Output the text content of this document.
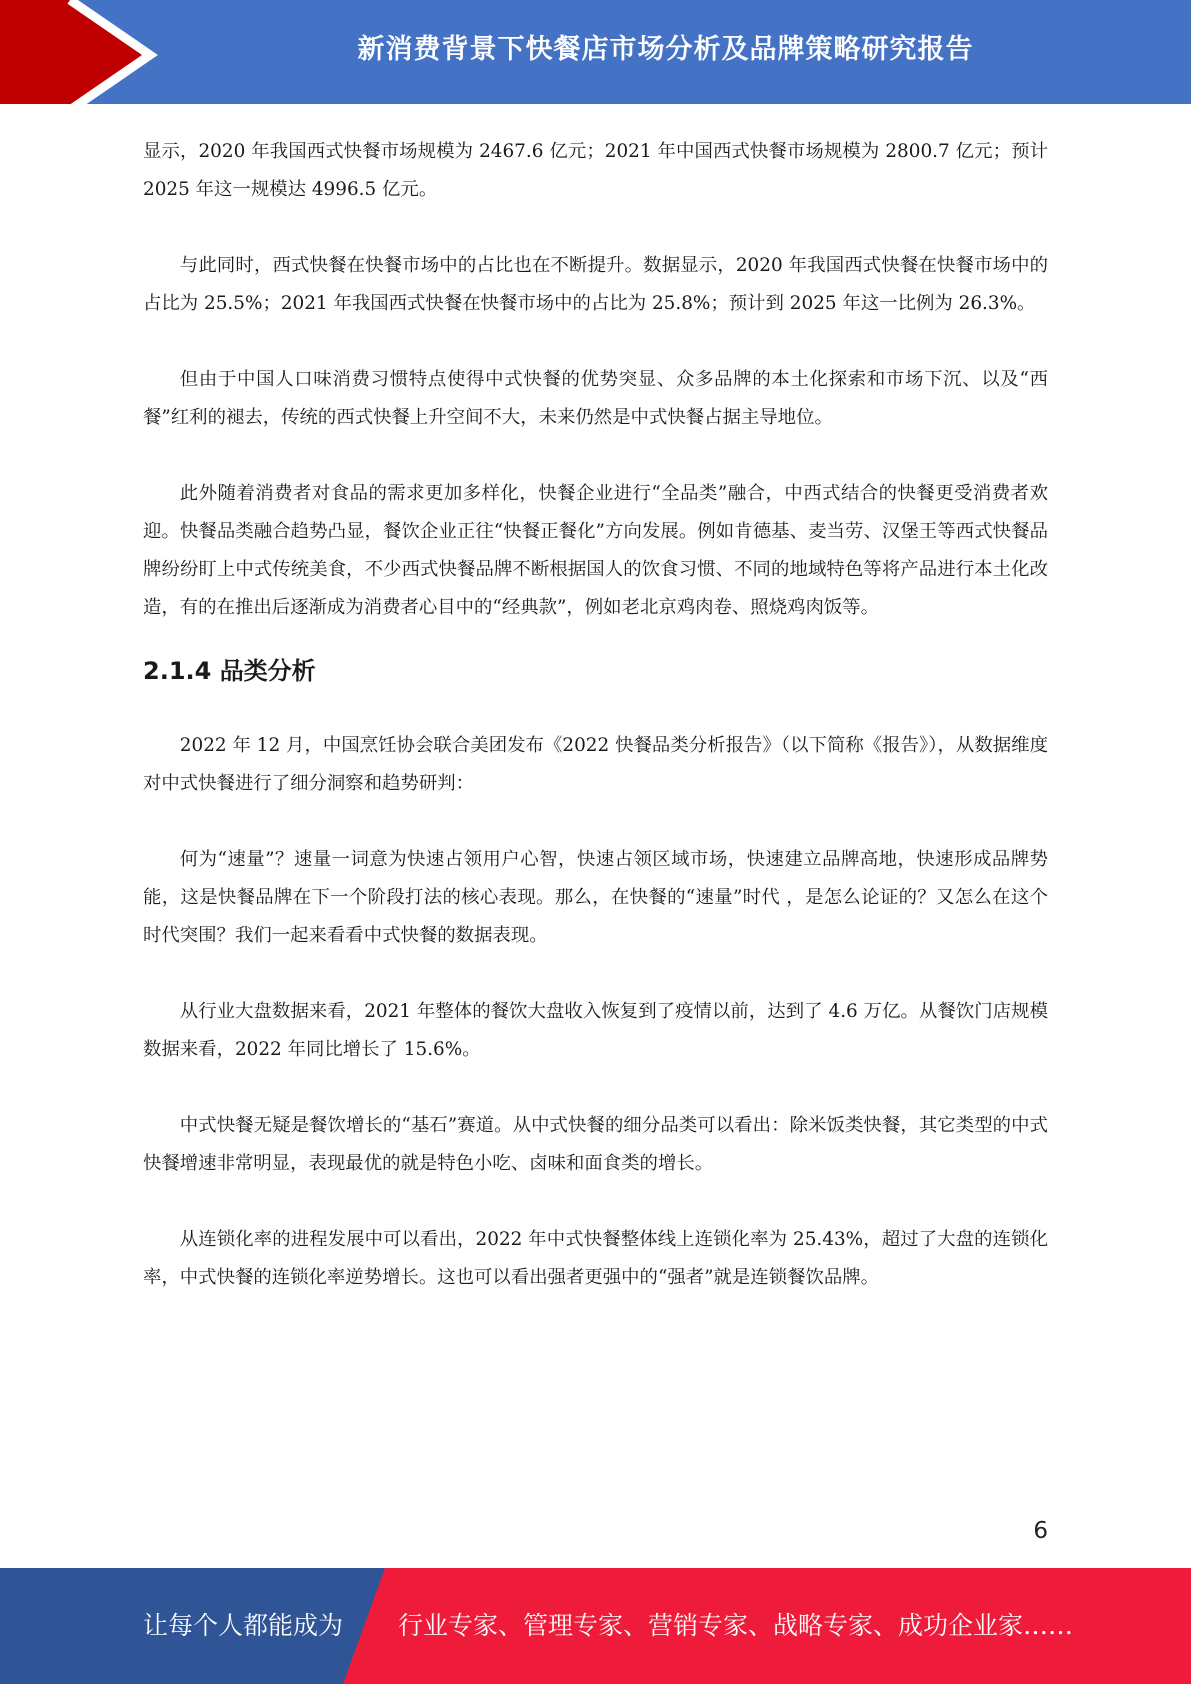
新消费背景下快餐店市场分析及品牌策略研究报告

显示，2020 年我国西式快餐市场规模为 2467.6 亿元；2021 年中国西式快餐市场规模为 2800.7 亿元；预计 2025 年这一规模达 4996.5 亿元。

与此同时，西式快餐在快餐市场中的占比也在不断提升。数据显示，2020 年我国西式快餐在快餐市场中的占比为 25.5%；2021 年我国西式快餐在快餐市场中的占比为 25.8%；预计到 2025 年这一比例为 26.3%。

但由于中国人口味消费习惯特点使得中式快餐的优势突显、众多品牌的本土化探索和市场下沉、以及“西餐”红利的褪去，传统的西式快餐上升空间不大，未来仍然是中式快餐占据主导地位。

此外随着消费者对食品的需求更加多样化，快餐企业进行“全品类”融合，中西式结合的快餐更受消费者欢迎。快餐品类融合趋势凸显，餐饮企业正往“快餐正餐化”方向发展。例如肯德基、麦当劳、汉堡王等西式快餐品牌纷纷盯上中式传统美食，不少西式快餐品牌不断根据国人的饮食习惯、不同的地域特色等将产品进行本土化改造，有的在推出后逐渐成为消费者心目中的“经典款”，例如老北京鸡肉卷、照烧鸡肉饭等。

2.1.4 品类分析

2022 年 12 月，中国烹饪协会联合美团发布《2022 快餐品类分析报告》（以下简称《报告》），从数据维度对中式快餐进行了细分洞察和趋势研判：

何为“速量”？速量一词意为快速占领用户心智，快速占领区域市场，快速建立品牌高地，快速形成品牌势能，这是快餐品牌在下一个阶段打法的核心表现。那么，在快餐的“速量”时代 ，是怎么论证的？又怎么在这个时代突围？我们一起来看看中式快餐的数据表现。

从行业大盘数据来看，2021 年整体的餐饮大盘收入恢复到了疫情以前，达到了 4.6 万亿。从餐饮门店规模数据来看，2022 年同比增长了 15.6%。

中式快餐无疑是餐饮增长的“基石”赛道。从中式快餐的细分品类可以看出：除米饭类快餐，其它类型的中式快餐增速非常明显，表现最优的就是特色小吃、卤味和面食类的增长。

从连锁化率的进程发展中可以看出，2022 年中式快餐整体线上连锁化率为 25.43%，超过了大盘的连锁化率，中式快餐的连锁化率逆势增长。这也可以看出强者更强中的“强者”就是连锁餐饮品牌。

6
让每个人都能成为 行业专家、管理专家、营销专家、战略专家、成功企业家……
